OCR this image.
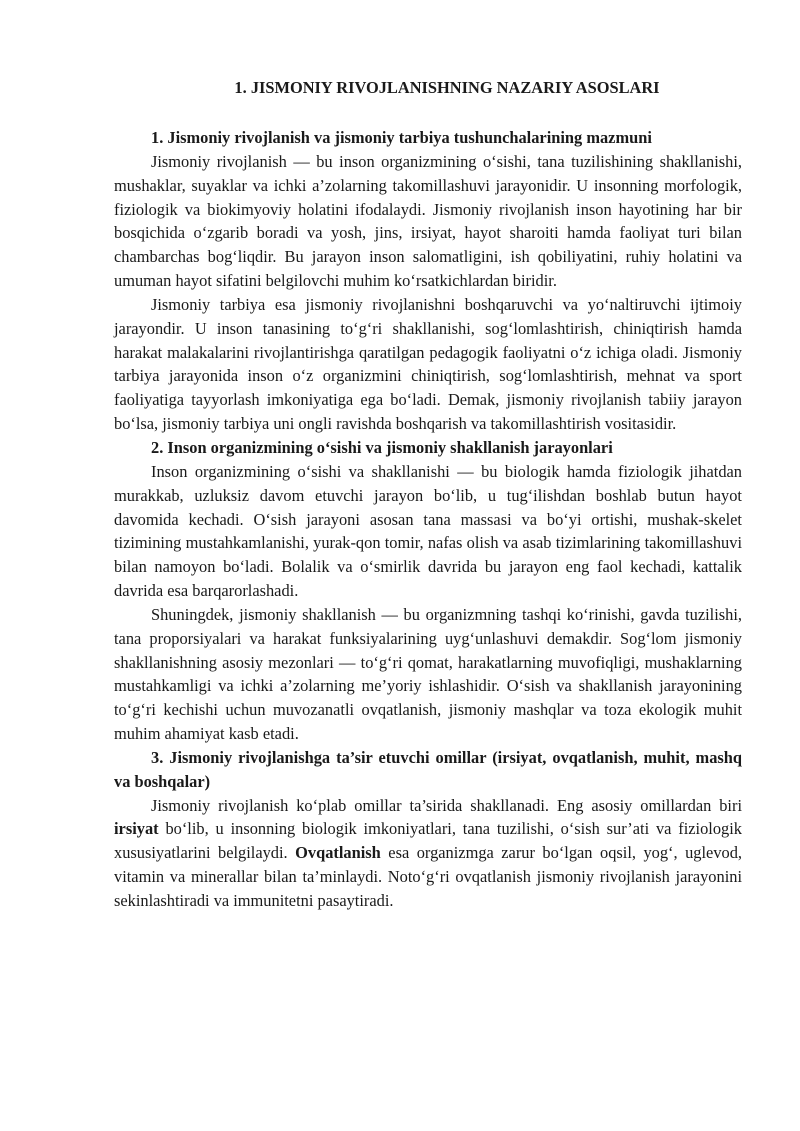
1. JISMONIY RIVOJLANISHNING NAZARIY ASOSLARI

1. Jismoniy rivojlanish va jismoniy tarbiya tushunchalarining mazmuni

Jismoniy rivojlanish — bu inson organizmining o‘sishi, tana tuzilishining shakllanishi, mushaklar, suyaklar va ichki a’zolarning takomillashuvi jarayonidir. U insonning morfologik, fiziologik va biokimyoviy holatini ifodalaydi. Jismoniy rivojlanish inson hayotining har bir bosqichida o‘zgarib boradi va yosh, jins, irsiyat, hayot sharoiti hamda faoliyat turi bilan chambarchas bog‘liqdir. Bu jarayon inson salomatligini, ish qobiliyatini, ruhiy holatini va umuman hayot sifatini belgilovchi muhim ko‘rsatkichlardan biridir.

Jismoniy tarbiya esa jismoniy rivojlanishni boshqaruvchi va yo‘naltiruvchi ijtimoiy jarayondir. U inson tanasining to‘g‘ri shakllanishi, sog‘lomlashtirish, chiniqtirish hamda harakat malakalarini rivojlantirishga qaratilgan pedagogik faoliyatni o‘z ichiga oladi. Jismoniy tarbiya jarayonida inson o‘z organizmini chiniqtirish, sog‘lomlashtirish, mehnat va sport faoliyatiga tayyorlash imkoniyatiga ega bo‘ladi. Demak, jismoniy rivojlanish tabiiy jarayon bo‘lsa, jismoniy tarbiya uni ongli ravishda boshqarish va takomillashtirish vositasidir.

2. Inson organizmining o‘sishi va jismoniy shakllanish jarayonlari

Inson organizmining o‘sishi va shakllanishi — bu biologik hamda fiziologik jihatdan murakkab, uzluksiz davom etuvchi jarayon bo‘lib, u tug‘ilishdan boshlab butun hayot davomida kechadi. O‘sish jarayoni asosan tana massasi va bo‘yi ortishi, mushak-skelet tizimining mustahkamlanishi, yurak-qon tomir, nafas olish va asab tizimlarining takomillashuvi bilan namoyon bo‘ladi. Bolalik va o‘smirlik davrida bu jarayon eng faol kechadi, kattalik davrida esa barqarorlashadi.

Shuningdek, jismoniy shakllanish — bu organizmning tashqi ko‘rinishi, gavda tuzilishi, tana proporsiyalari va harakat funksiyalarining uyg‘unlashuvi demakdir. Sog‘lom jismoniy shakllanishning asosiy mezonlari — to‘g‘ri qomat, harakatlarning muvofiqligi, mushaklarning mustahkamligi va ichki a’zolarning me’yoriy ishlashidir. O‘sish va shakllanish jarayonining to‘g‘ri kechishi uchun muvozanatli ovqatlanish, jismoniy mashqlar va toza ekologik muhit muhim ahamiyat kasb etadi.

3. Jismoniy rivojlanishga ta’sir etuvchi omillar (irsiyat, ovqatlanish, muhit, mashq va boshqalar)

Jismoniy rivojlanish ko‘plab omillar ta’sirida shakllanadi. Eng asosiy omillardan biri irsiyat bo‘lib, u insonning biologik imkoniyatlari, tana tuzilishi, o‘sish sur’ati va fiziologik xususiyatlarini belgilaydi. Ovqatlanish esa organizmga zarur bo‘lgan oqsil, yog‘, uglevod, vitamin va minerallar bilan ta’minlaydi. Noto‘g‘ri ovqatlanish jismoniy rivojlanish jarayonini sekinlashtiradi va immunitetni pasaytiradi.
